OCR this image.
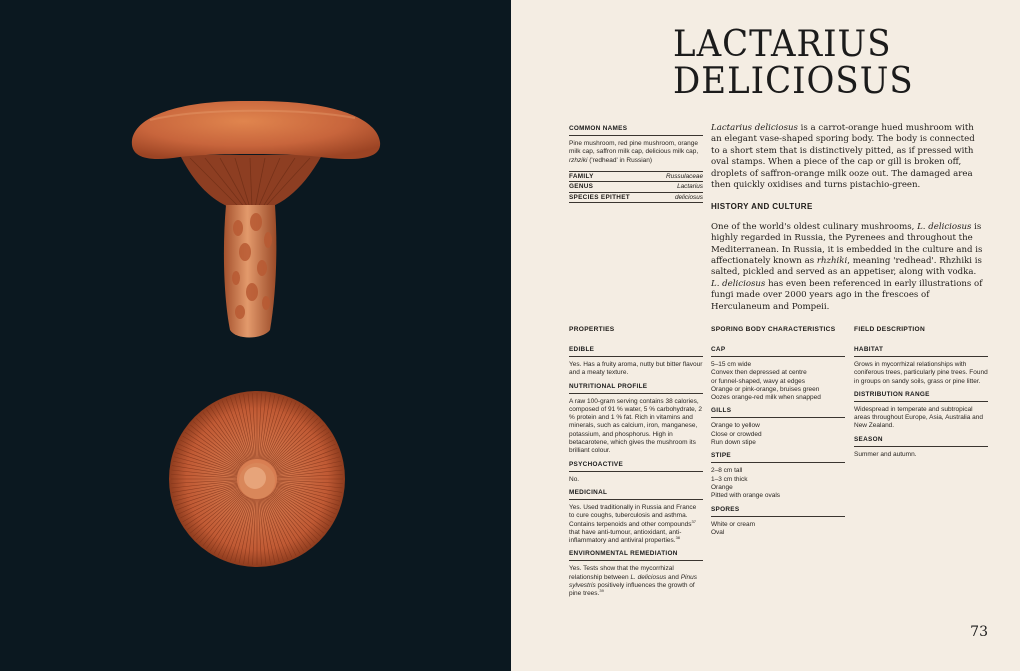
LACTARIUS
DELICIOSUS
COMMON NAMES
Pine mushroom, red pine mushroom, orange milk cap, saffron milk cap, delicious milk cap, rzhziki ('redhead' in Russian)
FAMILY	Russulaceae
GENUS	Lactarius
SPECIES EPITHET	deliciosus

Lactarius deliciosus is a carrot-orange hued mushroom with an elegant vase-shaped sporing body. The body is connected to a short stem that is distinctively pitted, as if pressed with oval stamps. When a piece of the cap or gill is broken off, droplets of saffron-orange milk ooze out. The damaged area then quickly oxidises and turns pistachio-green.

HISTORY AND CULTURE

One of the world's oldest culinary mushrooms, L. deliciosus is highly regarded in Russia, the Pyrenees and throughout the Mediterranean. In Russia, it is embedded in the culture and is affectionately known as rhzhiki, meaning 'redhead'. Rhzhiki is salted, pickled and served as an appetiser, along with vodka. L. deliciosus has even been referenced in early illustrations of fungi made over 2000 years ago in the frescoes of Herculaneum and Pompeii.

PROPERTIES
EDIBLE
Yes. Has a fruity aroma, nutty but bitter flavour and a meaty texture.
NUTRITIONAL PROFILE
A raw 100-gram serving contains 38 calories, composed of 91 % water, 5 % carbohydrate, 2 % protein and 1 % fat. Rich in vitamins and minerals, such as calcium, iron, manganese, potassium, and phosphorus. High in betacarotene, which gives the mushroom its brilliant colour.
PSYCHOACTIVE
No.
MEDICINAL
Yes. Used traditionally in Russia and France to cure coughs, tuberculosis and asthma. Contains terpenoids and other compounds$^{37}$ that have anti-tumour, antioxidant, anti-inflammatory and antiviral properties.$^{38}$
ENVIRONMENTAL REMEDIATION
Yes. Tests show that the mycorrhizal relationship between L. deliciosus and Pinus sylvestris positively influences the growth of pine trees.$^{39}$
SPORING BODY CHARACTERISTICS
CAP
5–15 cm wide
Convex then depressed at centre
or funnel-shaped, wavy at edges
Orange or pink-orange, bruises green
Oozes orange-red milk when snapped
GILLS
Orange to yellow
Close or crowded
Run down stipe
STIPE
2–8 cm tall
1–3 cm thick
Orange
Pitted with orange ovals
SPORES
White or cream
Oval
FIELD DESCRIPTION
HABITAT
Grows in mycorrhizal relationships with coniferous trees, particularly pine trees. Found in groups on sandy soils, grass or pine litter.
DISTRIBUTION RANGE
Widespread in temperate and subtropical areas throughout Europe, Asia, Australia and New Zealand.
SEASON
Summer and autumn.
73
